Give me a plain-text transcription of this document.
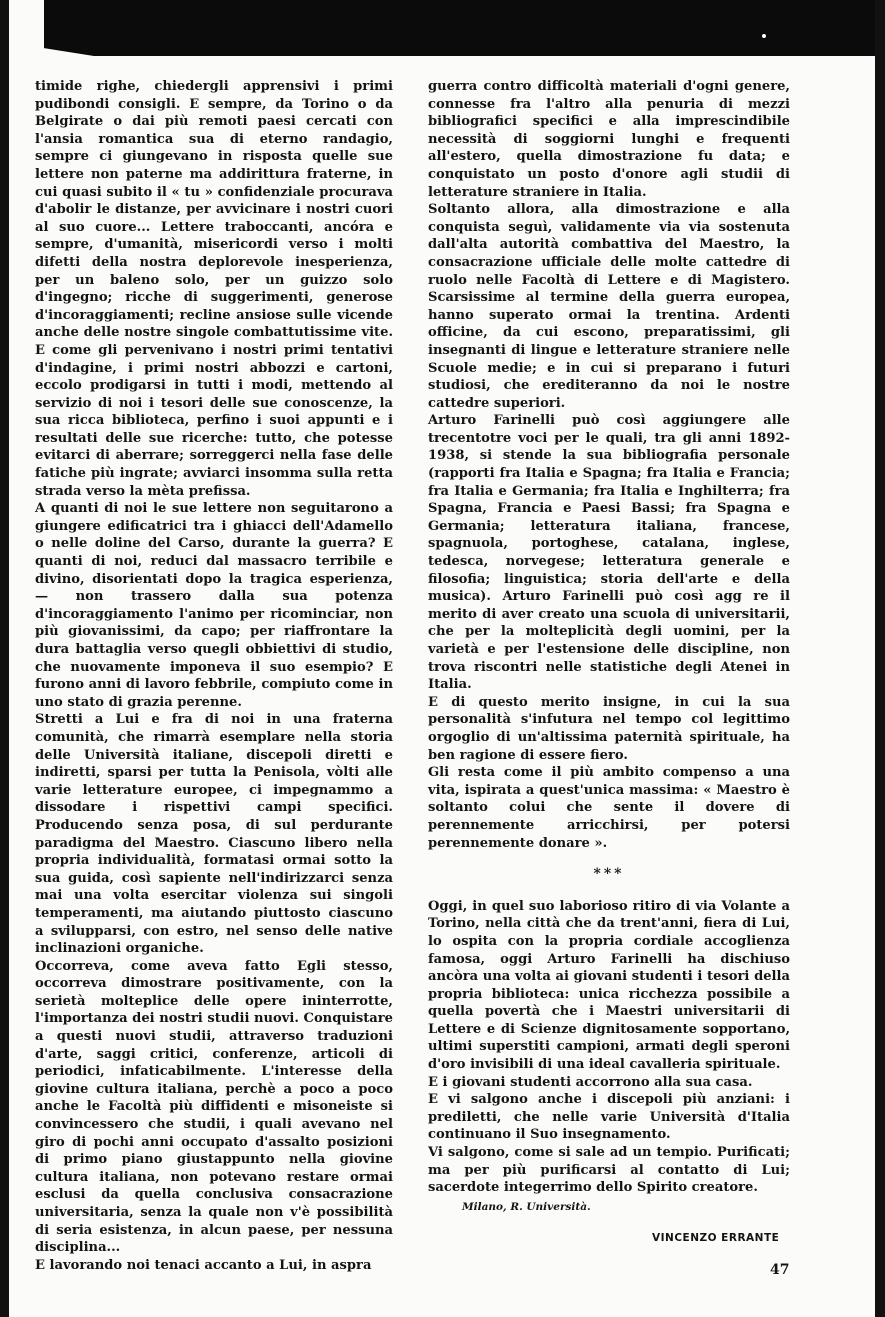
timide righe, chiedergli apprensivi i primi pudibondi consigli. E sempre, da Torino o da Belgirate o dai più remoti paesi cercati con l'ansia romantica sua di eterno randagio, sempre ci giungevano in risposta quelle sue lettere non paterne ma addirittura fraterne, in cui quasi subito il « tu » confidenziale procurava d'abolir le distanze, per avvicinare i nostri cuori al suo cuore... Lettere traboccanti, ancóra e sempre, d'umanità, misericordi verso i molti difetti della nostra deplorevole inesperienza, per un baleno solo, per un guizzo solo d'ingegno; ricche di suggerimenti, generose d'incoraggiamenti; recline ansiose sulle vicende anche delle nostre singole combattutissime vite. E come gli pervenivano i nostri primi tentativi d'indagine, i primi nostri abbozzi e cartoni, eccolo prodigarsi in tutti i modi, mettendo al servizio di noi i tesori delle sue conoscenze, la sua ricca biblioteca, perfino i suoi appunti e i resultati delle sue ricerche: tutto, che potesse evitarci di aberrare; sorreggerci nella fase delle fatiche più ingrate; avviarci insomma sulla retta strada verso la mèta prefissa.

A quanti di noi le sue lettere non seguitarono a giungere edificatrici tra i ghiacci dell'Adamello o nelle doline del Carso, durante la guerra? E quanti di noi, reduci dal massacro terribile e divino, disorientati dopo la tragica esperienza, — non trassero dalla sua potenza d'incoraggiamento l'animo per ricominciar, non più giovanissimi, da capo; per riaffrontare la dura battaglia verso quegli obbiettivi di studio, che nuovamente imponeva il suo esempio? E furono anni di lavoro febbrile, compiuto come in uno stato di grazia perenne.

Stretti a Lui e fra di noi in una fraterna comunità, che rimarrà esemplare nella storia delle Università italiane, discepoli diretti e indiretti, sparsi per tutta la Penisola, vòlti alle varie letterature europee, ci impegnammo a dissodare i rispettivi campi specifici. Producendo senza posa, di sul perdurante paradigma del Maestro. Ciascuno libero nella propria individualità, formatasi ormai sotto la sua guida, così sapiente nell'indirizzarci senza mai una volta esercitar violenza sui singoli temperamenti, ma aiutando piuttosto ciascuno a svilupparsi, con estro, nel senso delle native inclinazioni organiche.

Occorreva, come aveva fatto Egli stesso, occorreva dimostrare positivamente, con la serietà molteplice delle opere ininterrotte, l'importanza dei nostri studii nuovi. Conquistare a questi nuovi studii, attraverso traduzioni d'arte, saggi critici, conferenze, articoli di periodici, infaticabilmente. L'interesse della giovine cultura italiana, perchè a poco a poco anche le Facoltà più diffidenti e misoneiste si convincessero che studii, i quali avevano nel giro di pochi anni occupato d'assalto posizioni di primo piano giustappunto nella giovine cultura italiana, non potevano restare ormai esclusi da quella conclusiva consacrazione universitaria, senza la quale non v'è possibilità di seria esistenza, in alcun paese, per nessuna disciplina...

E lavorando noi tenaci accanto a Lui, in aspra

guerra contro difficoltà materiali d'ogni genere, connesse fra l'altro alla penuria di mezzi bibliografici specifici e alla imprescindibile necessità di soggiorni lunghi e frequenti all'estero, quella dimostrazione fu data; e conquistato un posto d'onore agli studii di letterature straniere in Italia.

Soltanto allora, alla dimostrazione e alla conquista seguì, validamente via via sostenuta dall'alta autorità combattiva del Maestro, la consacrazione ufficiale delle molte cattedre di ruolo nelle Facoltà di Lettere e di Magistero. Scarsissime al termine della guerra europea, hanno superato ormai la trentina. Ardenti officine, da cui escono, preparatissimi, gli insegnanti di lingue e letterature straniere nelle Scuole medie; e in cui si preparano i futuri studiosi, che erediteranno da noi le nostre cattedre superiori.

Arturo Farinelli può così aggiungere alle trecentotre voci per le quali, tra gli anni 1892-1938, si stende la sua bibliografia personale (rapporti fra Italia e Spagna; fra Italia e Francia; fra Italia e Germania; fra Italia e Inghilterra; fra Spagna, Francia e Paesi Bassi; fra Spagna e Germania; letteratura italiana, francese, spagnuola, portoghese, catalana, inglese, tedesca, norvegese; letteratura generale e filosofia; linguistica; storia dell'arte e della musica). Arturo Farinelli può così agg re il merito di aver creato una scuola di universitarii, che per la molteplicità degli uomini, per la varietà e per l'estensione delle discipline, non trova riscontri nelle statistiche degli Atenei in Italia.

E di questo merito insigne, in cui la sua personalità s'infutura nel tempo col legittimo orgoglio di un'altissima paternità spirituale, ha ben ragione di essere fiero.

Gli resta come il più ambito compenso a una vita, ispirata a quest'unica massima: « Maestro è soltanto colui che sente il dovere di perennemente arricchirsi, per potersi perennemente donare ».

***

Oggi, in quel suo laborioso ritiro di via Volante a Torino, nella città che da trent'anni, fiera di Lui, lo ospita con la propria cordiale accoglienza famosa, oggi Arturo Farinelli ha dischiuso ancòra una volta ai giovani studenti i tesori della propria biblioteca: unica ricchezza possibile a quella povertà che i Maestri universitarii di Lettere e di Scienze dignitosamente sopportano, ultimi superstiti campioni, armati degli speroni d'oro invisibili di una ideal cavalleria spirituale.

E i giovani studenti accorrono alla sua casa.

E vi salgono anche i discepoli più anziani: i prediletti, che nelle varie Università d'Italia continuano il Suo insegnamento.

Vi salgono, come si sale ad un tempio. Purificati; ma per più purificarsi al contatto di Lui; sacerdote integerrimo dello Spirito creatore.

Milano, R. Università.
VINCENZO ERRANTE
47
